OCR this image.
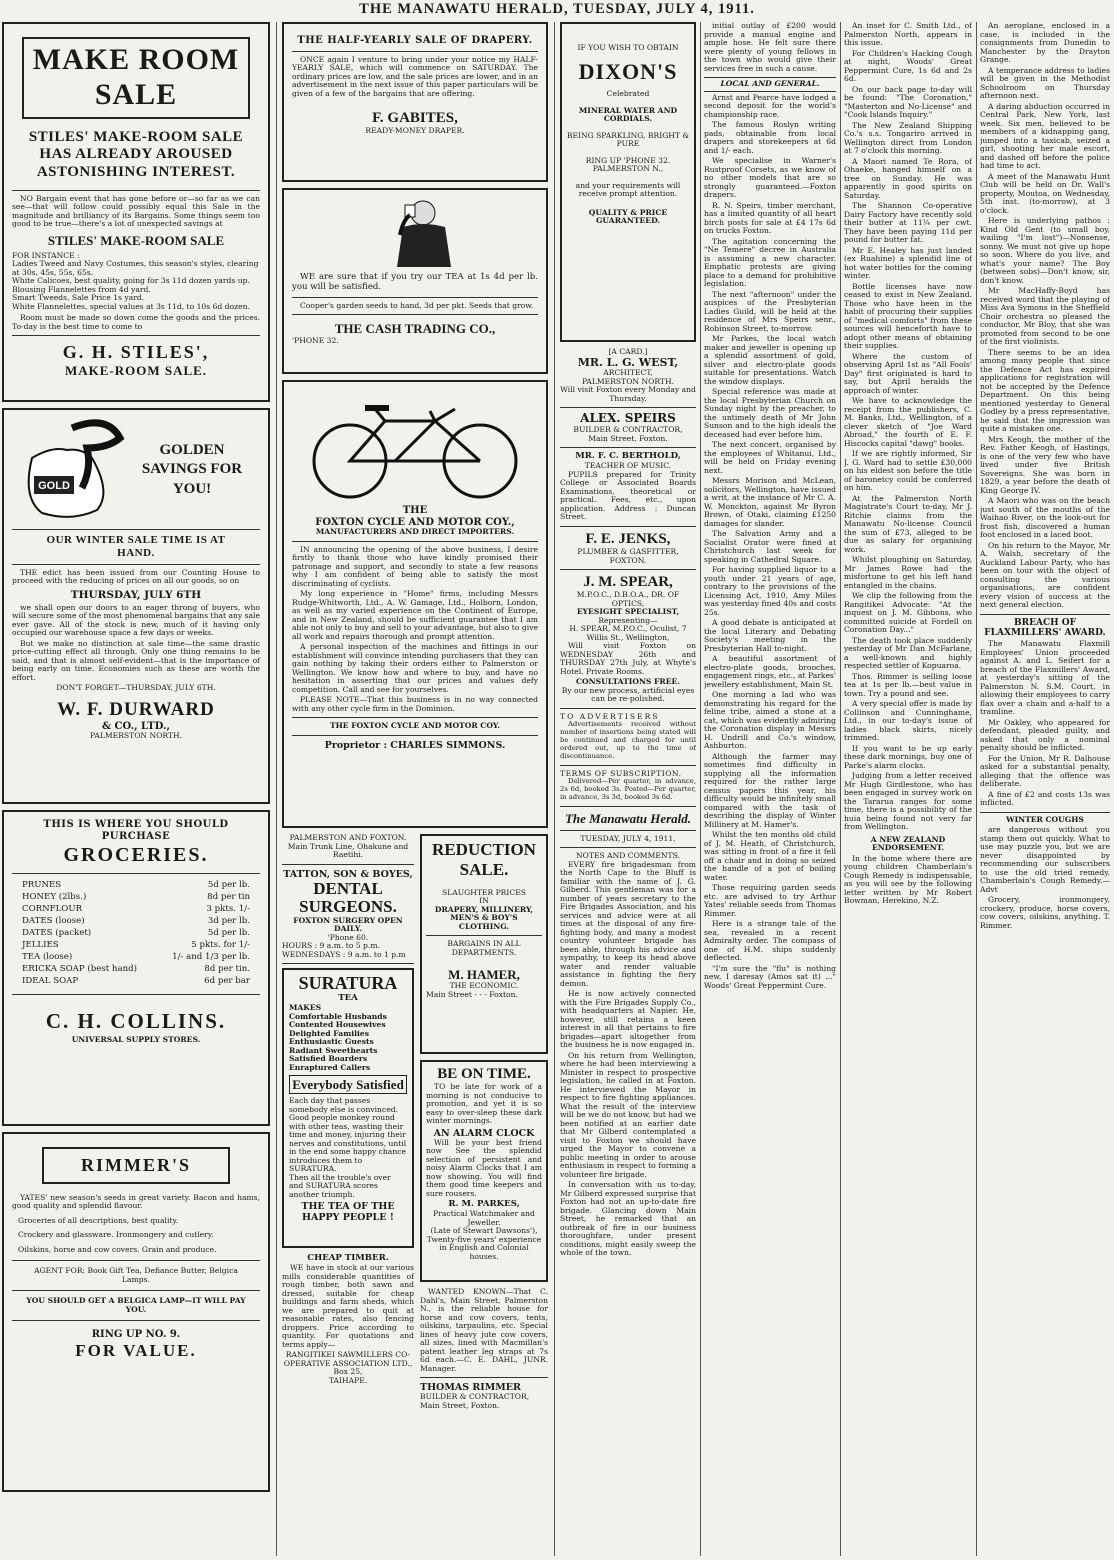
THE MANAWATU HERALD, TUESDAY, JULY 4, 1911.
MAKE ROOM SALE
STILES' MAKE-ROOM SALE HAS ALREADY AROUSED ASTONISHING INTEREST.

NO Bargain event that has gone before or—so far as we can see—that will follow could possibly equal this Sale in the magnitude and brilliancy of its Bargains. Some things seem too good to be true—there's a lot of unexpected savings at

STILES' MAKE-ROOM SALE
FOR INSTANCE :
Ladies Tweed and Navy Costumes, this season's styles, clearing at 30s, 45s, 55s, 65s.
White Calicoes, best quality, going for 3s 11d dozen yards up.
Blousing Flannelettes from 4d yard.
Smart Tweeds, Sale Price 1s yard.
White Flannelettes, special values at 3s 11d, to 10s 6d dozen.

Room must be made so down come the goods and the prices. To-day is the best time to come to

G. H. STILES',
MAKE-ROOM SALE.
GOLD
GOLDEN SAVINGS FOR YOU!
OUR WINTER SALE TIME IS AT HAND.

THE edict has been issued from our Counting House to proceed with the reducing of prices on all our goods, so on

THURSDAY, JULY 6TH

we shall open our doors to an eager throng of buyers, who will secure some of the most phenomenal bargains that any sale ever gave. All of the stock is new, much of it having only occupied our warehouse space a few days or weeks.

But we make no distinction at sale time—the same drastic price-cutting effect all through. Only one thing remains to be said, and that is almost self-evident—that is the importance of being early on time. Economies such as these are worth the effort.

DON'T FORGET—THURSDAY, JULY 6TH.
W. F. DURWARD
& CO., LTD.,
PALMERSTON NORTH.
THIS IS WHERE YOU SHOULD PURCHASE
GROCERIES.
PRUNES	5d per lb.
HONEY (2lbs.)	8d per tin
CORNFLOUR	3 pkts. 1/-
DATES (loose)	3d per lb.
DATES (packet)	5d per lb.
JELLIES	5 pkts. for 1/-
TEA (loose)	1/- and 1/3 per lb.
ERICKA SOAP (best hand)	8d per tin.
IDEAL SOAP	6d per bar
C. H. COLLINS.
UNIVERSAL SUPPLY STORES.
RIMMER'S

YATES' new season's seeds in great variety. Bacon and hams, good quality and splendid flavour.

Groceries of all descriptions, best quality.
Crockery and glassware. Ironmongery and cutlery.
Oilskins, horse and cow covers. Grain and produce.
AGENT FOR: Book Gift Tea, Defiance Butter, Belgica Lamps.
YOU SHOULD GET A BELGICA LAMP—IT WILL PAY YOU.
RING UP NO. 9.
FOR VALUE.
THE HALF-YEARLY SALE OF DRAPERY.

ONCE again I venture to bring under your notice my HALF-YEARLY SALE, which will commence on SATURDAY. The ordinary prices are low, and the sale prices are lower, and in an advertisement in the next issue of this paper particulars will be given of a few of the bargains that are offering.

F. GABITES,
READY-MONEY DRAPER.

WE are sure that if you try our TEA at 1s 4d per lb. you will be satisfied.

Cooper's garden seeds to hand, 3d per pkt. Seeds that grow.

THE CASH TRADING CO.,
'PHONE 32.
THE
FOXTON CYCLE AND MOTOR COY.,
MANUFACTURERS AND DIRECT IMPORTERS.

IN announcing the opening of the above business, I desire firstly to thank those who have kindly promised their patronage and support, and secondly to state a few reasons why I am confident of being able to satisfy the most discriminating of cyclists.

My long experience in "Home" firms, including Messrs Rudge-Whitworth, Ltd., A. W. Gamage, Ltd., Holborn, London, as well as my varied experience on the Continent of Europe, and in New Zealand, should be sufficient guarantee that I am able not only to buy and sell to your advantage, but also to give all work and repairs thorough and prompt attention.

A personal inspection of the machines and fittings in our establishment will convince intending purchasers that they can gain nothing by taking their orders either to Palmerston or Wellington. We know how and where to buy, and have no hesitation in asserting that our prices and values defy competition. Call and see for yourselves.

PLEASE NOTE—That this business is in no way connected with any other cycle firm in the Dominion.

THE FOXTON CYCLE AND MOTOR COY.
Proprietor : CHARLES SIMMONS.
PALMERSTON AND FOXTON.
Main Trunk Line, Ohakune and Raetihi.
TATTON, SON & BOYES,
DENTAL SURGEONS.
FOXTON SURGERY OPEN DAILY.
'Phone 60.
HOURS : 9 a.m. to 5 p.m.
WEDNESDAYS : 9 a.m. to 1 p.m
SURATURA
TEA
MAKES
Comfortable Husbands
Contented Housewives
Delighted Families
Enthusiastic Guests
Radiant Sweethearts
Satisfied Boarders
Enraptured Callers
Everybody Satisfied
Each day that passes somebody else is convinced.
Good people monkey round with other teas, wasting their time and money, injuring their nerves and constitutions, until in the end some happy chance introduces them to SURATURA.
Then all the trouble's over and SURATURA scores another triumph.
THE TEA OF THE HAPPY PEOPLE !
CHEAP TIMBER.

WE have in stock at our various mills considerable quantities of rough timber, both sawn and dressed, suitable for cheap buildings and farm sheds, which we are prepared to quit at reasonable rates, also fencing droppers. Price according to quantity. For quotations and terms apply—

RANGITIKEI SAWMILLERS CO-OPERATIVE ASSOCIATION LTD.,
Box 25,
TAIHAPE.
REDUCTION SALE.
SLAUGHTER PRICES
IN
DRAPERY, MILLINERY, MEN'S & BOY'S CLOTHING.
BARGAINS IN ALL DEPARTMENTS.
M. HAMER,
THE ECONOMIC.
Main Street - - - Foxton.
BE ON TIME.

TO be late for work of a morning is not conducive to promotion, and yet it is so easy to over-sleep these dark winter mornings.

AN ALARM CLOCK

Will be your best friend now See the splendid selection of persistent and noisy Alarm Clocks that I am now showing. You will find them good time keepers and sure rousers.

R. M. PARKES,
Practical Watchmaker and Jeweller.
(Late of Stewart Dawsons'),
Twenty-five years' experience in English and Colonial houses.

WANTED KNOWN—That C. Dahl's, Main Street, Palmerston N., is the reliable house for horse and cow covers, tents, oilskins, tarpaulins, etc. Special lines of heavy jute cow covers, all sizes, lined with Macmillan's patent leather leg straps at 7s 6d each.—C. E. DAHL, JUNR. Manager.

THOMAS RIMMER
BUILDER & CONTRACTOR,
Main Street, Foxton.
IF YOU WISH TO OBTAIN
DIXON'S
Celebrated
MINERAL WATER AND CORDIALS.
BEING SPARKLING, BRIGHT & PURE
RING UP 'PHONE 32.
PALMERSTON N.,
and your requirements will receive prompt attention.
QUALITY & PRICE GUARANTEED.
[A CARD.]
MR. L. G. WEST,
ARCHITECT,
PALMERSTON NORTH.
Will visit Foxton every Monday and Thursday.
ALEX. SPEIRS
BUILDER & CONTRACTOR,
Main Street, Foxton.
MR. F. C. BERTHOLD,
TEACHER OF MUSIC.

PUPILS prepared for Trinity College or Associated Boards Examinations, theoretical or practical. Fees, etc., upon application. Address : Duncan Street.

F. E. JENKS,
PLUMBER & GASFITTER,
FOXTON.
J. M. SPEAR,
M.P.O.C., D.B.O.A., DR. OF OPTICS,
EYESIGHT SPECIALIST,
Representing—
H. SPEAR, M.P.O.C., Oculist, 7 Willis St., Wellington,

Will visit Foxton on WEDNESDAY 26th and THURSDAY 27th July, at Whyte's Hotel. Private Rooms.

CONSULTATIONS FREE.
By our new process, artificial eyes can be re-polished.
TO ADVERTISERS

Advertisements received without number of insertions being stated will be continued and charged for until ordered out, up to the time of discontinuance.

TERMS OF SUBSCRIPTION.

Delivered—Per quarter, in advance, 2s 6d, booked 3s. Posted—Per quarter, in advance, 3s 3d, booked 3s 6d.

The Manawatu Herald.
TUESDAY, JULY 4, 1911.
NOTES AND COMMENTS.

EVERY fire brigadesman from the North Cape to the Bluff is familiar with the name of J. G. Gilberd. This gentleman was for a number of years secretary to the Fire Brigades Association, and his services and advice were at all times at the disposal of any fire-fighting body, and many a modest country volunteer brigade has been able, through his advice and sympathy, to keep its head above water and render valuable assistance in fighting the fiery demon.

He is now actively connected with the Fire Brigades Supply Co., with headquarters at Napier. He, however, still retains a keen interest in all that pertains to fire brigades—apart altogether from the business he is now engaged in.

On his return from Wellington, where he had been interviewing a Minister in respect to prospective legislation, he called in at Foxton. He interviewed the Mayor in respect to fire fighting appliances. What the result of the interview will be we do not know, but had we been notified at an earlier date that Mr Gilberd contemplated a visit to Foxton we should have urged the Mayor to convene a public meeting in order to arouse enthusiasm in respect to forming a volunteer fire brigade.

In conversation with us to-day, Mr Gilberd expressed surprise that Foxton had not an up-to-date fire brigade. Glancing down Main Street, he remarked that an outbreak of fire in our business thoroughfare, under present conditions, might easily sweep the whole of the town.

initial outlay of £200 would provide a manual engine and ample hose. He felt sure there were plenty of young fellows in the town who would give their services free in such a cause.

LOCAL AND GENERAL.

Arnst and Pearce have lodged a second deposit for the world's championship race.

The famous Roslyn writing pads, obtainable from local drapers and storekeepers at 6d and 1/- each.

We specialise in Warner's Rustproof Corsets, as we know of no other models that are so strongly guaranteed.—Foxton drapers.

R. N. Speirs, timber merchant, has a limited quantity of all heart birch posts for sale at £4 17s 6d on trucks Foxton.

The agitation concerning the "Ne Temere" decree in Australia is assuming a new character. Emphatic protests are giving place to a demand for prohibitive legislation.

The next "afternoon" under the auspices of the Presbyterian Ladies Guild, will be held at the residence of Mrs Speirs senr., Robinson Street, to-morrow.

Mr Parkes, the local watch maker and jeweller is opening up a splendid assortment of gold, silver and electro-plate goods suitable for presentations. Watch the window displays.

Special reference was made at the local Presbyterian Church on Sunday night by the preacher, to the untimely death of Mr John Sunson and to the high ideals the deceased had ever before him.

The next concert, organised by the employees of Whitanui, Ltd., will be held on Friday evening next.

Messrs Morison and McLean, solicitors, Wellington, have issued a writ, at the instance of Mr C. A. W. Monckton, against Mr Byron Brown, of Otaki, claiming £1250 damages for slander.

The Salvation Army and a Socialist Orator were fined at Christchurch last week for speaking in Cathedral Square.

For having supplied liquor to a youth under 21 years of age, contrary to the provisions of the Licensing Act, 1910, Amy Miles was yesterday fined 40s and costs 25s.

A good debate is anticipated at the local Literary and Debating Society's meeting in the Presbyterian Hall to-night.

A beautiful assortment of electro-plate goods, brooches, engagement rings, etc., at Parkes' jewellery establishment, Main St.

One morning a lad who was demonstrating his regard for the feline tribe, aimed a stone at a cat, which was evidently admiring the Coronation display in Messrs H. Undrill and Co.'s window, Ashburton.

Although the farmer may sometimes find difficulty in supplying all the information required for the rather large census papers this year, his difficulty would be infinitely small compared with the task of describing the display of Winter Millinery at M. Hamer's.

Whilst the ten months old child of J. M. Heath, of Christchurch, was sitting in front of a fire it fell off a chair and in doing so seized the handle of a pot of boiling water.

Those requiring garden seeds etc. are advised to try Arthur Yates' reliable seeds from Thomas Rimmer.

Here is a strange tale of the sea, revealed in a recent Admiralty order. The compass of one of H.M. ships suddenly deflected.

"I'm sure the "flu" is nothing new, I daresay (Amos sat it) ..." Woods' Great Peppermint Cure.

An inset for C. Smith Ltd., of Palmerston North, appears in this issue.

For Children's Hacking Cough at night, Woods' Great Peppermint Cure, 1s 6d and 2s 6d.

On our back page to-day will be found: "The Coronation," "Masterton and No-License" and "Cook Islands Inquiry."

The New Zealand Shipping Co.'s s.s. Tongariro arrived in Wellington direct from London at 7 o'clock this morning.

A Maori named Te Rora, of Ohaeke, hanged himself on a tree on Sunday. He was apparently in good spirits on Saturday.

The Shannon Co-operative Dairy Factory have recently sold their butter at 11¼ per cwt. They have been paying 11d per pound for butter fat.

Mr E. Healey has just landed (ex Ruahine) a splendid line of hot water bottles for the coming winter.

Bottle licenses have now ceased to exist in New Zealand. Those who have been in the habit of procuring their supplies of "medical comforts" from these sources will henceforth have to adopt other means of obtaining their supplies.

Where the custom of observing April 1st as "All Fools' Day" first originated is hard to say, but April heralds the approach of winter.

We have to acknowledge the receipt from the publishers, C. M. Banks, Ltd., Wellington, of a clever sketch of "Joe Ward Abroad," the fourth of E. F. Hiscocks capital "dawg" books.

If we are rightly informed, Sir J. G. Ward had to settle £30,000 on his eldest son before the title of baronetcy could be conferred on him.

At the Palmerston North Magistrate's Court to-day, Mr J. Ritchie claims from the Manawatu No-license Council the sum of £73, alleged to be due as salary for organising work.

Whilst ploughing on Saturday, Mr James Rowe had the misfortune to get his left hand entangled in the chains.

We clip the following from the Rangitikei Advocate: "At the inquest on J. M. Gibbons, who committed suicide at Fordell on Coronation Day..."

The death took place suddenly yesterday of Mr Dan McFarlane, a well-known and highly respected settler of Kopuaroa.

Thos. Rimmer is selling loose tea at 1s per lb.—best value in town. Try a pound and see.

A very special offer is made by Collinson and Cunninghame, Ltd., in our to-day's issue of ladies black skirts, nicely trimmed.

If you want to be up early these dark mornings, buy one of Parke's alarm clocks.

Judging from a letter received Mr Hugh Girdlestone, who has been engaged in survey work on the Tararua ranges for some time, there is a possibility of the huia being found not very far from Wellington.

A NEW ZEALAND ENDORSEMENT.

In the home where there are young children Chamberlain's Cough Remedy is indispensable, as you will see by the following letter written by Mr Robert Bowman, Herekino, N.Z.

An aeroplane, enclosed in a case, is included in the consignments from Dunedin to Manchester by the Drayton Grange.

A temperance address to ladies will be given in the Methodist Schoolroom on Thursday afternoon next.

A daring abduction occurred in Central Park, New York, last week. Six men, believed to be members of a kidnapping gang, jumped into a taxicab, seized a girl, shooting her male escort, and dashed off before the police had time to act.

A meet of the Manawatu Hunt Club will be held on Dr. Wall's property, Moutoa, on Wednesday, 5th inst. (to-morrow), at 3 o'clock.

Here is underlying pathos : Kind Old Gent (to small boy, wailing "I'm lost")—Nonsense, sonny. We must not give up hope so soon. Where do you live, and what's your name? The Boy (between sobs)—Don't know, sir, don't know.

Mr MacHaffy-Boyd has received word that the playing of Miss Ava Symons in the Sheffield Choir orchestra so pleased the conductor, Mr Bloy, that she was promoted from second to be one of the first violinists.

There seems to be an idea among many people that since the Defence Act has expired applications for registration will not be accepted by the Defence Department. On this being mentioned yesterday to General Godley by a press representative, he said that the impression was quite a mistaken one.

Mrs Keogh, the mother of the Rev. Father Keogh, of Hastings, is one of the very few who have lived under five British Sovereigns. She was born in 1829, a year before the death of King George IV.

A Maori who was on the beach just south of the mouths of the Waihao River, on the look-out for frost fish, discovered a human foot enclosed in a laced boot.

On his return to the Mayor, Mr A. Walsh, secretary of the Auckland Labour Party, who has been on tour with the object of consulting the various organisations, are confident every vision of success at the next general election.

BREACH OF FLAXMILLERS' AWARD.

The Manawatu Flaxmill Employees' Union proceeded against A. and L. Seifert for a breach of the Flaxmillers' Award, at yesterday's sitting of the Palmerston N. S.M. Court, in allowing their employees to carry flax over a chain and a-half to a tramline.

Mr Oakley, who appeared for defendant, pleaded guilty, and asked that only a nominal penalty should be inflicted.

For the Union, Mr R. Dalhouse asked for a substantial penalty, alleging that the offence was deliberate.

A fine of £2 and costs 13s was inflicted.

WINTER COUGHS

are dangerous without you stamp them out quickly. What to use may puzzle you, but we are never disappointed by recommending our subscribers to use the old tried remedy, Chamberlain's Cough Remedy.—Advt

Grocery, ironmongery, crockery, produce, horse covers, cow covers, oilskins, anything. T. Rimmer.
